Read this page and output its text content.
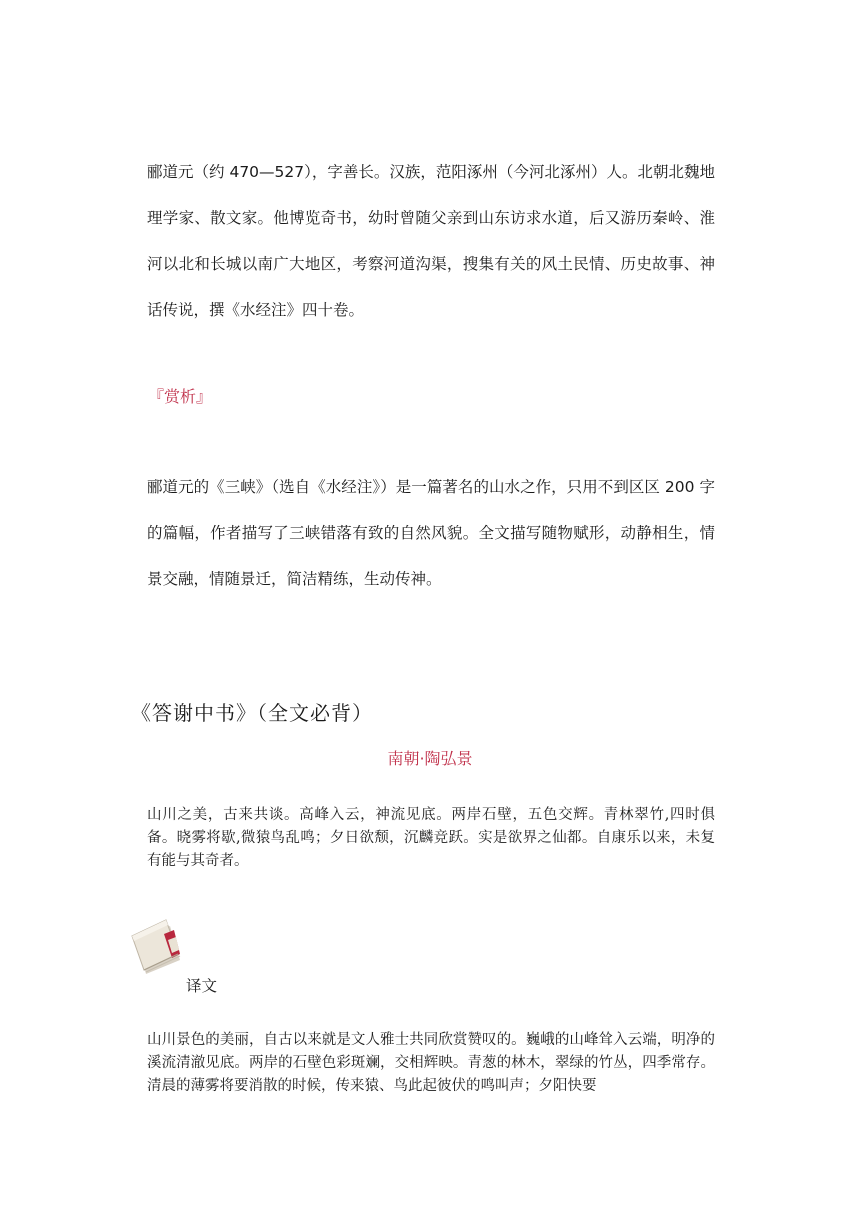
郦道元（约 470—527），字善长。汉族，范阳涿州（今河北涿州）人。北朝北魏地理学家、散文家。他博览奇书，幼时曾随父亲到山东访求水道，后又游历秦岭、淮河以北和长城以南广大地区，考察河道沟渠，搜集有关的风土民情、历史故事、神话传说，撰《水经注》四十卷。

『赏析』

郦道元的《三峡》（选自《水经注》）是一篇著名的山水之作，只用不到区区 200 字的篇幅，作者描写了三峡错落有致的自然风貌。全文描写随物赋形，动静相生，情景交融，情随景迁，简洁精练，生动传神。

《答谢中书》（全文必背）

南朝·陶弘景

山川之美，古来共谈。高峰入云，神流见底。两岸石壁，五色交辉。青林翠竹,四时俱备。晓雾将歇,微猿鸟乱鸣；夕日欲颓，沉麟竞跃。实是欲界之仙都。自康乐以来，未复有能与其奇者。

译文

山川景色的美丽，自古以来就是文人雅士共同欣赏赞叹的。巍峨的山峰耸入云端，明净的溪流清澈见底。两岸的石壁色彩斑斓，交相辉映。青葱的林木，翠绿的竹丛，四季常存。清晨的薄雾将要消散的时候，传来猿、鸟此起彼伏的鸣叫声；夕阳快要
